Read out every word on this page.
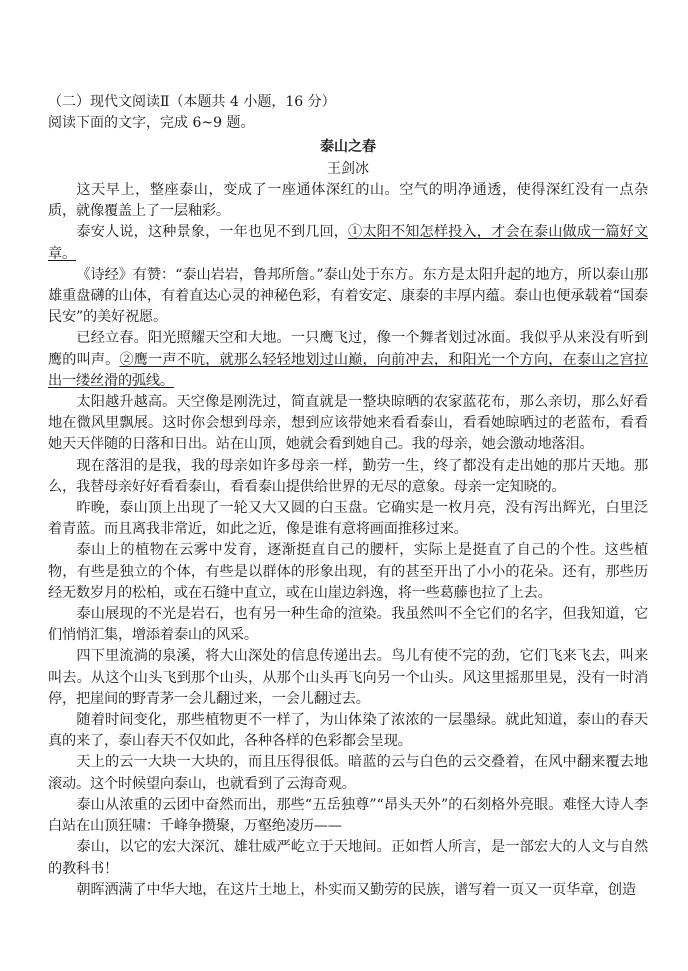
（二）现代文阅读Ⅱ（本题共 4 小题，16 分）
阅读下面的文字，完成 6~9 题。
泰山之春
王剑冰

这天早上，整座泰山，变成了一座通体深红的山。空气的明净通透，使得深红没有一点杂质，就像覆盖上了一层釉彩。

泰安人说，这种景象，一年也见不到几回，①太阳不知怎样投入，才会在泰山做成一篇好文章。

《诗经》有赞：“泰山岩岩，鲁邦所詹。”泰山处于东方。东方是太阳升起的地方，所以泰山那雄重盘礴的山体，有着直达心灵的神秘色彩，有着安定、康泰的丰厚内蕴。泰山也便承载着“国泰民安”的美好祝愿。

已经立春。阳光照耀天空和大地。一只鹰飞过，像一个舞者划过冰面。我似乎从来没有听到鹰的叫声。②鹰一声不吭，就那么轻轻地划过山巅，向前冲去，和阳光一个方向，在泰山之宫拉出一缕丝滑的弧线。

太阳越升越高。天空像是刚洗过，简直就是一整块晾晒的农家蓝花布，那么亲切，那么好看地在微风里飘展。这时你会想到母亲，想到应该带她来看看泰山，看看她晾晒过的老蓝布，看看她天天伴随的日落和日出。站在山顶，她就会看到她自己。我的母亲，她会激动地落泪。

现在落泪的是我，我的母亲如许多母亲一样，勤劳一生，终了都没有走出她的那片天地。那么，我替母亲好好看看泰山，看看泰山提供给世界的无尽的意象。母亲一定知晓的。

昨晚，泰山顶上出现了一轮又大又圆的白玉盘。它确实是一枚月亮，没有泻出辉光，白里泛着青蓝。而且离我非常近，如此之近，像是谁有意将画面推移过来。

泰山上的植物在云雾中发育，逐渐挺直自己的腰杆，实际上是挺直了自己的个性。这些植物，有些是独立的个体，有些是以群体的形象出现，有的甚至开出了小小的花朵。还有，那些历经无数岁月的松柏，或在石缝中直立，或在山崖边斜逸，将一些葛藤也拉了上去。

泰山展现的不光是岩石，也有另一种生命的渲染。我虽然叫不全它们的名字，但我知道，它们悄悄汇集，增添着泰山的风采。

四下里流淌的泉溪，将大山深处的信息传递出去。鸟儿有使不完的劲，它们飞来飞去，叫来叫去。从这个山头飞到那个山头，从那个山头再飞向另一个山头。风这里摇那里晃，没有一时消停，把崖间的野青茅一会儿翻过来，一会儿翻过去。

随着时间变化，那些植物更不一样了，为山体染了浓浓的一层墨绿。就此知道，泰山的春天真的来了，泰山春天不仅如此，各种各样的色彩都会呈现。

天上的云一大块一大块的，而且压得很低。暗蓝的云与白色的云交叠着，在风中翻来覆去地滚动。这个时候望向泰山，也就看到了云海奇观。

泰山从浓重的云团中奋然而出，那些“五岳独尊”“昂头天外”的石刻格外亮眼。难怪大诗人李白站在山顶狂啸：千峰争攒聚，万壑绝凌历——

泰山，以它的宏大深沉、雄壮威严屹立于天地间。正如哲人所言，是一部宏大的人文与自然的教科书！

朝晖洒满了中华大地，在这片土地上，朴实而又勤劳的民族，谱写着一页又一页华章，创造
